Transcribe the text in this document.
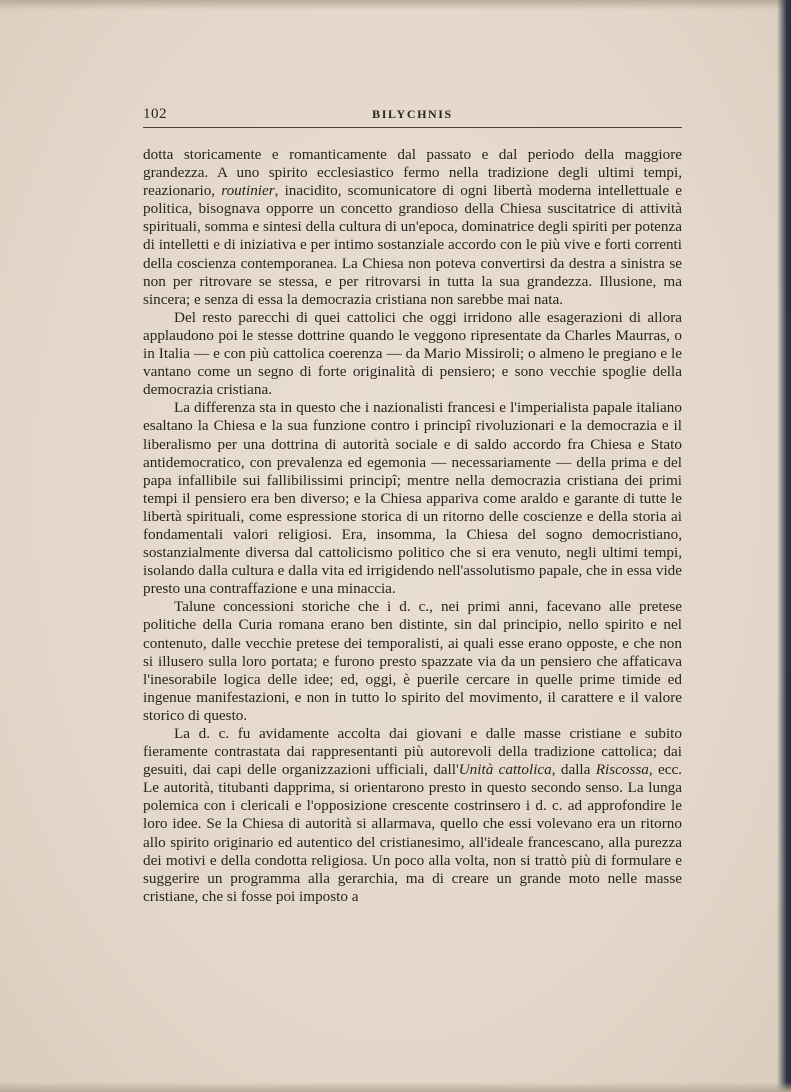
102	BILYCHNIS

dotta storicamente e romanticamente dal passato e dal periodo della maggiore grandezza. A uno spirito ecclesiastico fermo nella tradizione degli ultimi tempi, reazionario, routinier, inacidito, scomunicatore di ogni libertà moderna intellettuale e politica, bisognava opporre un concetto grandioso della Chiesa suscitatrice di attività spirituali, somma e sintesi della cultura di un'epoca, dominatrice degli spiriti per potenza di intelletti e di iniziativa e per intimo sostanziale accordo con le più vive e forti correnti della coscienza contemporanea. La Chiesa non poteva convertirsi da destra a sinistra se non per ritrovare se stessa, e per ritrovarsi in tutta la sua grandezza. Illusione, ma sincera; e senza di essa la democrazia cristiana non sarebbe mai nata.

Del resto parecchi di quei cattolici che oggi irridono alle esagerazioni di allora applaudono poi le stesse dottrine quando le veggono ripresentate da Charles Maurras, o in Italia — e con più cattolica coerenza — da Mario Missiroli; o almeno le pregiano e le vantano come un segno di forte originalità di pensiero; e sono vecchie spoglie della democrazia cristiana.

La differenza sta in questo che i nazionalisti francesi e l'imperialista papale italiano esaltano la Chiesa e la sua funzione contro i principî rivoluzionari e la democrazia e il liberalismo per una dottrina di autorità sociale e di saldo accordo fra Chiesa e Stato antidemocratico, con prevalenza ed egemonia — necessariamente — della prima e del papa infallibile sui fallibilissimi principî; mentre nella democrazia cristiana dei primi tempi il pensiero era ben diverso; e la Chiesa appariva come araldo e garante di tutte le libertà spirituali, come espressione storica di un ritorno delle coscienze e della storia ai fondamentali valori religiosi. Era, insomma, la Chiesa del sogno democristiano, sostanzialmente diversa dal cattolicismo politico che si era venuto, negli ultimi tempi, isolando dalla cultura e dalla vita ed irrigidendo nell'assolutismo papale, che in essa vide presto una contraffazione e una minaccia.

Talune concessioni storiche che i d. c., nei primi anni, facevano alle pretese politiche della Curia romana erano ben distinte, sin dal principio, nello spirito e nel contenuto, dalle vecchie pretese dei temporalisti, ai quali esse erano opposte, e che non si illusero sulla loro portata; e furono presto spazzate via da un pensiero che affaticava l'inesorabile logica delle idee; ed, oggi, è puerile cercare in quelle prime timide ed ingenue manifestazioni, e non in tutto lo spirito del movimento, il carattere e il valore storico di questo.

La d. c. fu avidamente accolta dai giovani e dalle masse cristiane e subito fieramente contrastata dai rappresentanti più autorevoli della tradizione cattolica; dai gesuiti, dai capi delle organizzazioni ufficiali, dall'Unità cattolica, dalla Riscossa, ecc. Le autorità, titubanti dapprima, si orientarono presto in questo secondo senso. La lunga polemica con i clericali e l'opposizione crescente costrinsero i d. c. ad approfondire le loro idee. Se la Chiesa di autorità si allarmava, quello che essi volevano era un ritorno allo spirito originario ed autentico del cristianesimo, all'ideale francescano, alla purezza dei motivi e della condotta religiosa. Un poco alla volta, non si trattò più di formulare e suggerire un programma alla gerarchia, ma di creare un grande moto nelle masse cristiane, che si fosse poi imposto a
